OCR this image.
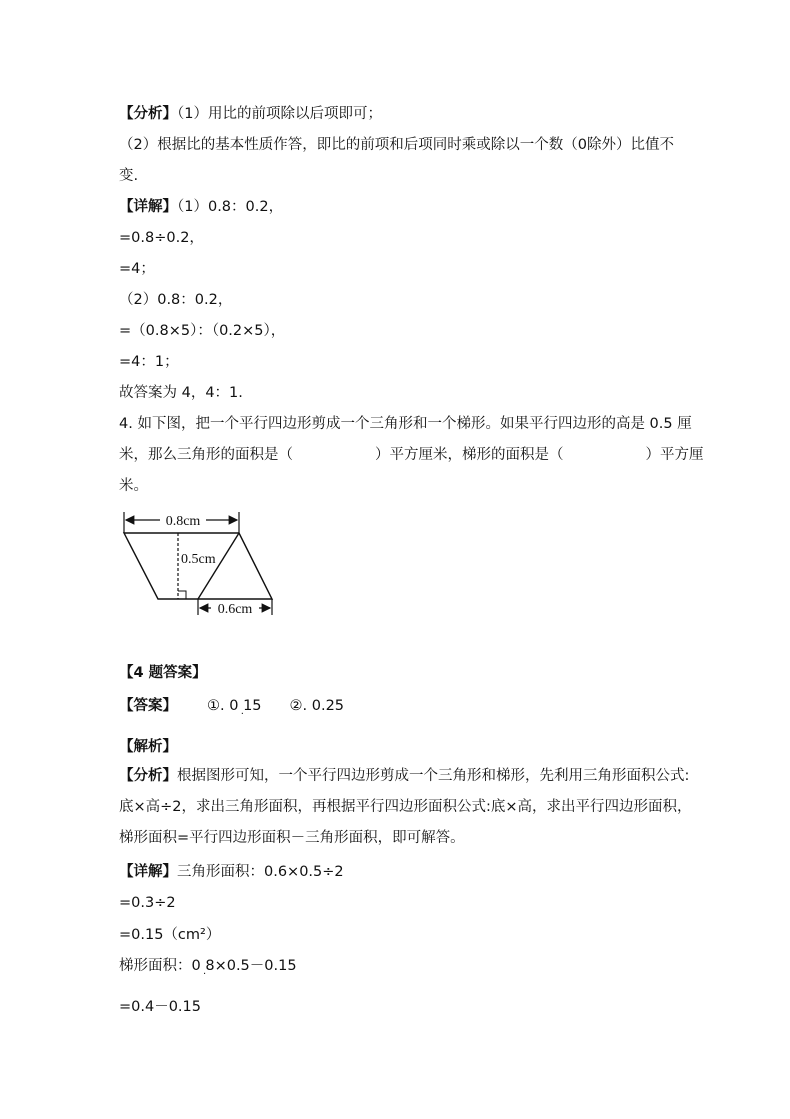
【分析】（1）用比的前项除以后项即可；
（2）根据比的基本性质作答，即比的前项和后项同时乘或除以一个数（0除外）比值不
变.
【详解】（1）0.8：0.2，
=0.8÷0.2，
=4；
（2）0.8：0.2，
=（0.8×5）：（0.2×5），
=4：1；
故答案为 4，4：1.
4. 如下图，把一个平行四边形剪成一个三角形和一个梯形。如果平行四边形的高是 0.5 厘
米，那么三角形的面积是（	）平方厘米，梯形的面积是（	）平方厘
米。
0.8cm
0.5cm
0.6cm
【4 题答案】
【答案】 ①. 0 . 15 ②. 0.25
【解析】
【分析】根据图形可知，一个平行四边形剪成一个三角形和梯形，先利用三角形面积公式:
底×高÷2，求出三角形面积，再根据平行四边形面积公式:底×高，求出平行四边形面积，
梯形面积=平行四边形面积－三角形面积，即可解答。
【详解】三角形面积：0.6×0.5÷2
=0.3÷2
=0.15（cm²）
梯形面积：0 . 8×0.5－0.15
=0.4－0.15
